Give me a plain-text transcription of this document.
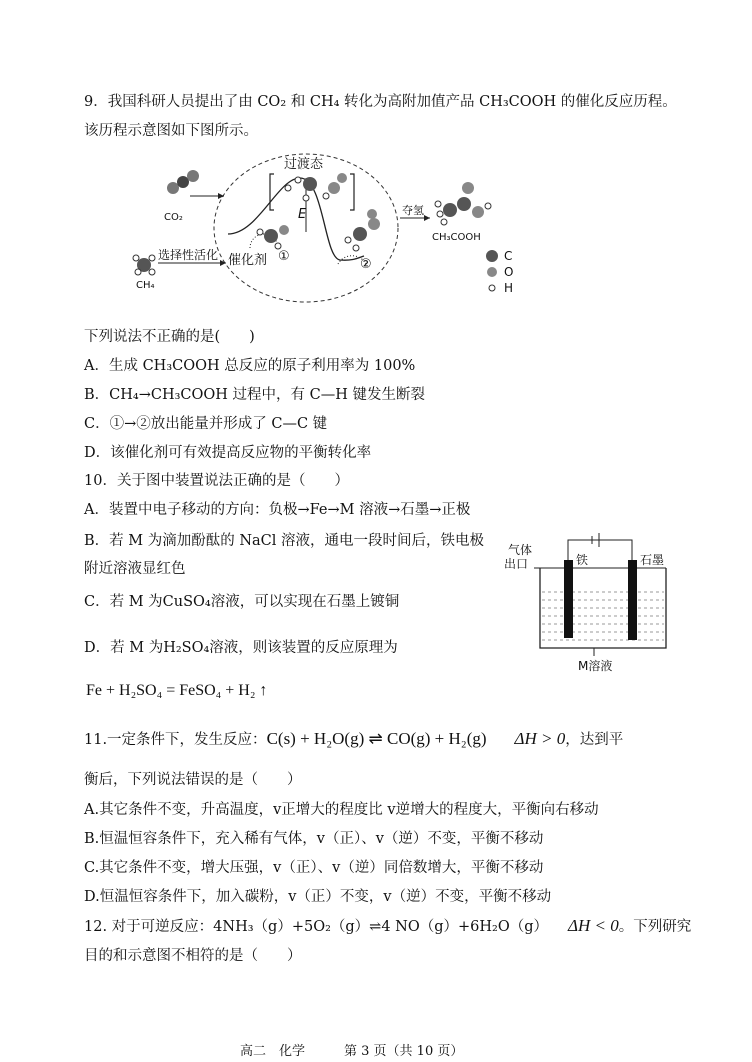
9．我国科研人员提出了由 CO₂ 和 CH₄ 转化为高附加值产品 CH₃COOH 的催化反应历程。
该历程示意图如下图所示。
过渡态
E
CO₂
CH₄
选择性活化 催化剂 ①
②
夺氢
CH₃COOH
C
O
H
下列说法不正确的是(　　)
A．生成 CH₃COOH 总反应的原子利用率为 100%
B．CH₄→CH₃COOH 过程中，有 C—H 键发生断裂
C．①→②放出能量并形成了 C—C 键
D．该催化剂可有效提高反应物的平衡转化率
10．关于图中装置说法正确的是（　　）
A．装置中电子移动的方向：负极→Fe→M 溶液→石墨→正极
B．若 M 为滴加酚酞的 NaCl 溶液，通电一段时间后，铁电极
附近溶液显红色
C．若 M 为CuSO₄溶液，可以实现在石墨上镀铜
D．若 M 为H₂SO₄溶液，则该装置的反应原理为
Fe + H₂SO₄ = FeSO₄ + H₂ ↑
气体
出口	铁	石墨
M溶液
11.一定条件下，发生反应：C(s) + H₂O(g) ⇌ CO(g) + H₂(g) ΔH > 0，达到平
衡后，下列说法错误的是（　　）
A.其它条件不变，升高温度，v正增大的程度比 v逆增大的程度大，平衡向右移动
B.恒温恒容条件下，充入稀有气体，v（正）、v（逆）不变，平衡不移动
C.其它条件不变，增大压强，v（正）、v（逆）同倍数增大，平衡不移动
D.恒温恒容条件下，加入碳粉，v（正）不变，v（逆）不变，平衡不移动
12. 对于可逆反应：4NH₃（g）+5O₂（g）⇌4 NO（g）+6H₂O（g） ΔH < 0。下列研究
目的和示意图不相符的是（　　）
高二　化学　　　第 3 页（共 10 页）
